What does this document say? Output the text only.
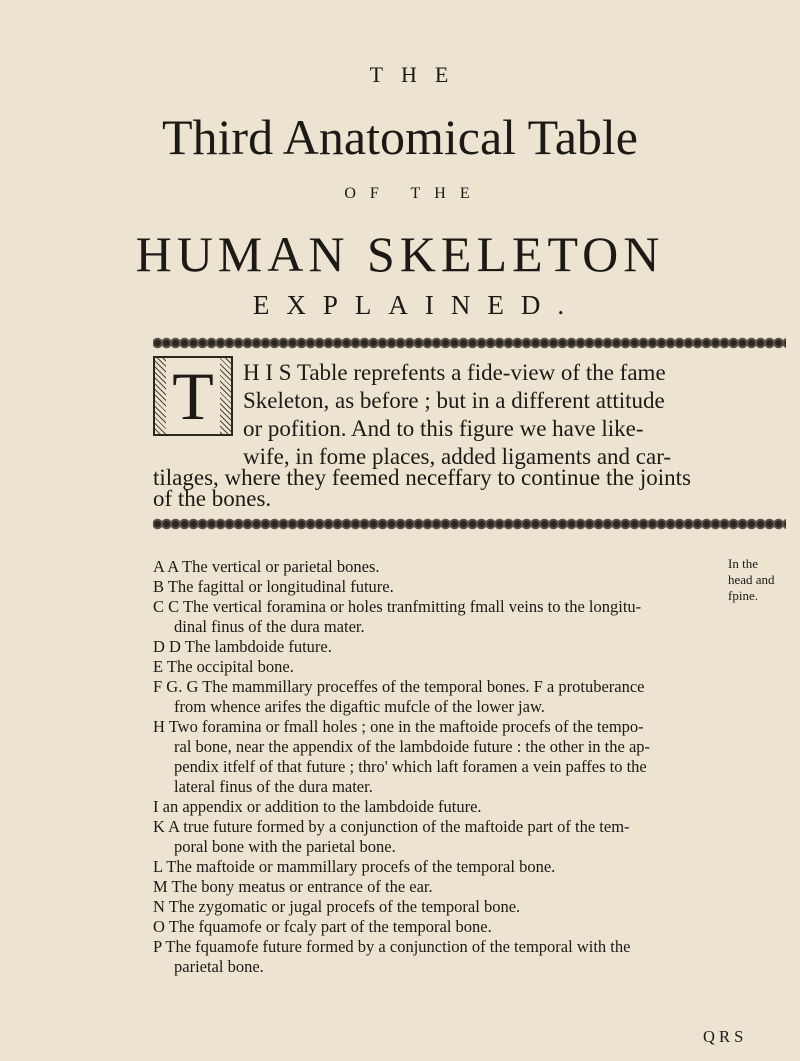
THE
Third Anatomical Table
OF THE
HUMAN SKELETON
EXPLAINED.
T	H I S Table reprefents a fide-view of the fame
Skeleton, as before ; but in a different attitude
or pofition. And to this figure we have like-
wife, in fome places, added ligaments and car-
tilages, where they feemed neceffary to continue the joints
of the bones.
In the
head and
fpine.
A A The vertical or parietal bones.
B The fagittal or longitudinal future.
C C The vertical foramina or holes tranfmitting fmall veins to the longitu-
dinal finus of the dura mater.
D D The lambdoide future.
E The occipital bone.
F G. G The mammillary proceffes of the temporal bones. F a protuberance
from whence arifes the digaftic mufcle of the lower jaw.
H Two foramina or fmall holes ; one in the maftoide procefs of the tempo-
ral bone, near the appendix of the lambdoide future : the other in the ap-
pendix itfelf of that future ; thro' which laft foramen a vein paffes to the
lateral finus of the dura mater.
I an appendix or addition to the lambdoide future.
K A true future formed by a conjunction of the maftoide part of the tem-
poral bone with the parietal bone.
L The maftoide or mammillary procefs of the temporal bone.
M The bony meatus or entrance of the ear.
N The zygomatic or jugal procefs of the temporal bone.
O The fquamofe or fcaly part of the temporal bone.
P The fquamofe future formed by a conjunction of the temporal with the
parietal bone.
Q R S
